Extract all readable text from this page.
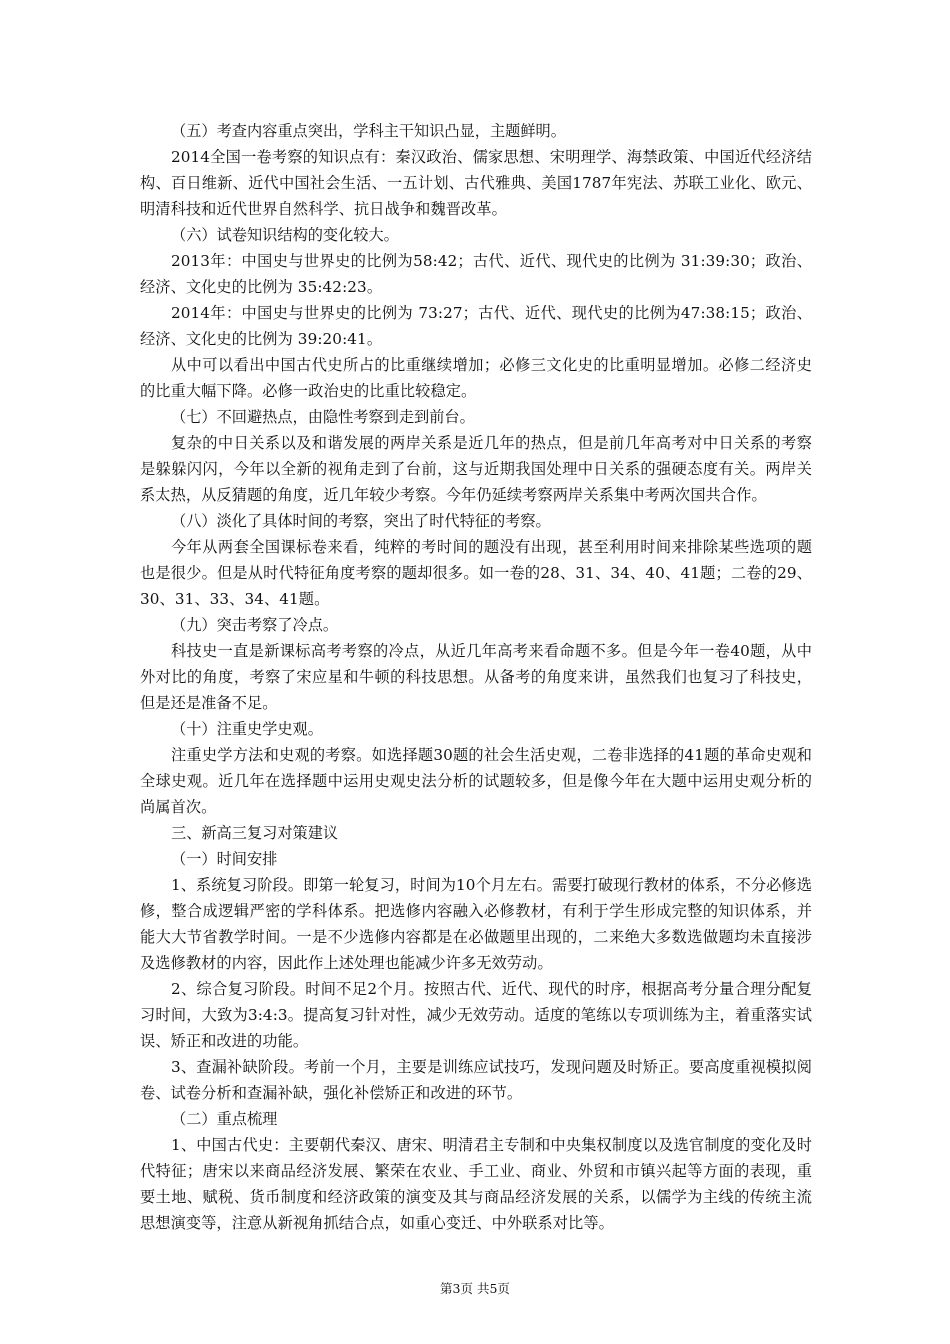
（五）考查内容重点突出，学科主干知识凸显，主题鲜明。

2014全国一卷考察的知识点有：秦汉政治、儒家思想、宋明理学、海禁政策、中国近代经济结构、百日维新、近代中国社会生活、一五计划、古代雅典、美国1787年宪法、苏联工业化、欧元、明清科技和近代世界自然科学、抗日战争和魏晋改革。

（六）试卷知识结构的变化较大。

2013年：中国史与世界史的比例为58:42；古代、近代、现代史的比例为 31:39:30；政治、经济、文化史的比例为 35:42:23。

2014年：中国史与世界史的比例为 73:27；古代、近代、现代史的比例为47:38:15；政治、经济、文化史的比例为 39:20:41。

从中可以看出中国古代史所占的比重继续增加；必修三文化史的比重明显增加。必修二经济史的比重大幅下降。必修一政治史的比重比较稳定。

（七）不回避热点，由隐性考察到走到前台。

复杂的中日关系以及和谐发展的两岸关系是近几年的热点，但是前几年高考对中日关系的考察是躲躲闪闪，今年以全新的视角走到了台前，这与近期我国处理中日关系的强硬态度有关。两岸关系太热，从反猜题的角度，近几年较少考察。今年仍延续考察两岸关系集中考两次国共合作。

（八）淡化了具体时间的考察，突出了时代特征的考察。

今年从两套全国课标卷来看，纯粹的考时间的题没有出现，甚至利用时间来排除某些选项的题也是很少。但是从时代特征角度考察的题却很多。如一卷的28、31、34、40、41题；二卷的29、30、31、33、34、41题。

（九）突击考察了冷点。

科技史一直是新课标高考考察的冷点，从近几年高考来看命题不多。但是今年一卷40题，从中外对比的角度，考察了宋应星和牛顿的科技思想。从备考的角度来讲，虽然我们也复习了科技史，但是还是准备不足。

（十）注重史学史观。

注重史学方法和史观的考察。如选择题30题的社会生活史观，二卷非选择的41题的革命史观和全球史观。近几年在选择题中运用史观史法分析的试题较多，但是像今年在大题中运用史观分析的尚属首次。

三、新高三复习对策建议

（一）时间安排

1、系统复习阶段。即第一轮复习，时间为10个月左右。需要打破现行教材的体系，不分必修选修，整合成逻辑严密的学科体系。把选修内容融入必修教材，有利于学生形成完整的知识体系，并能大大节省教学时间。一是不少选修内容都是在必做题里出现的，二来绝大多数选做题均未直接涉及选修教材的内容，因此作上述处理也能减少许多无效劳动。

2、综合复习阶段。时间不足2个月。按照古代、近代、现代的时序，根据高考分量合理分配复习时间，大致为3:4:3。提高复习针对性，减少无效劳动。适度的笔练以专项训练为主，着重落实试误、矫正和改进的功能。

3、查漏补缺阶段。考前一个月，主要是训练应试技巧，发现问题及时矫正。要高度重视模拟阅卷、试卷分析和查漏补缺，强化补偿矫正和改进的环节。

（二）重点梳理

1、中国古代史：主要朝代秦汉、唐宋、明清君主专制和中央集权制度以及选官制度的变化及时代特征；唐宋以来商品经济发展、繁荣在农业、手工业、商业、外贸和市镇兴起等方面的表现，重要土地、赋税、货币制度和经济政策的演变及其与商品经济发展的关系，以儒学为主线的传统主流思想演变等，注意从新视角抓结合点，如重心变迁、中外联系对比等。

第3页 共5页
